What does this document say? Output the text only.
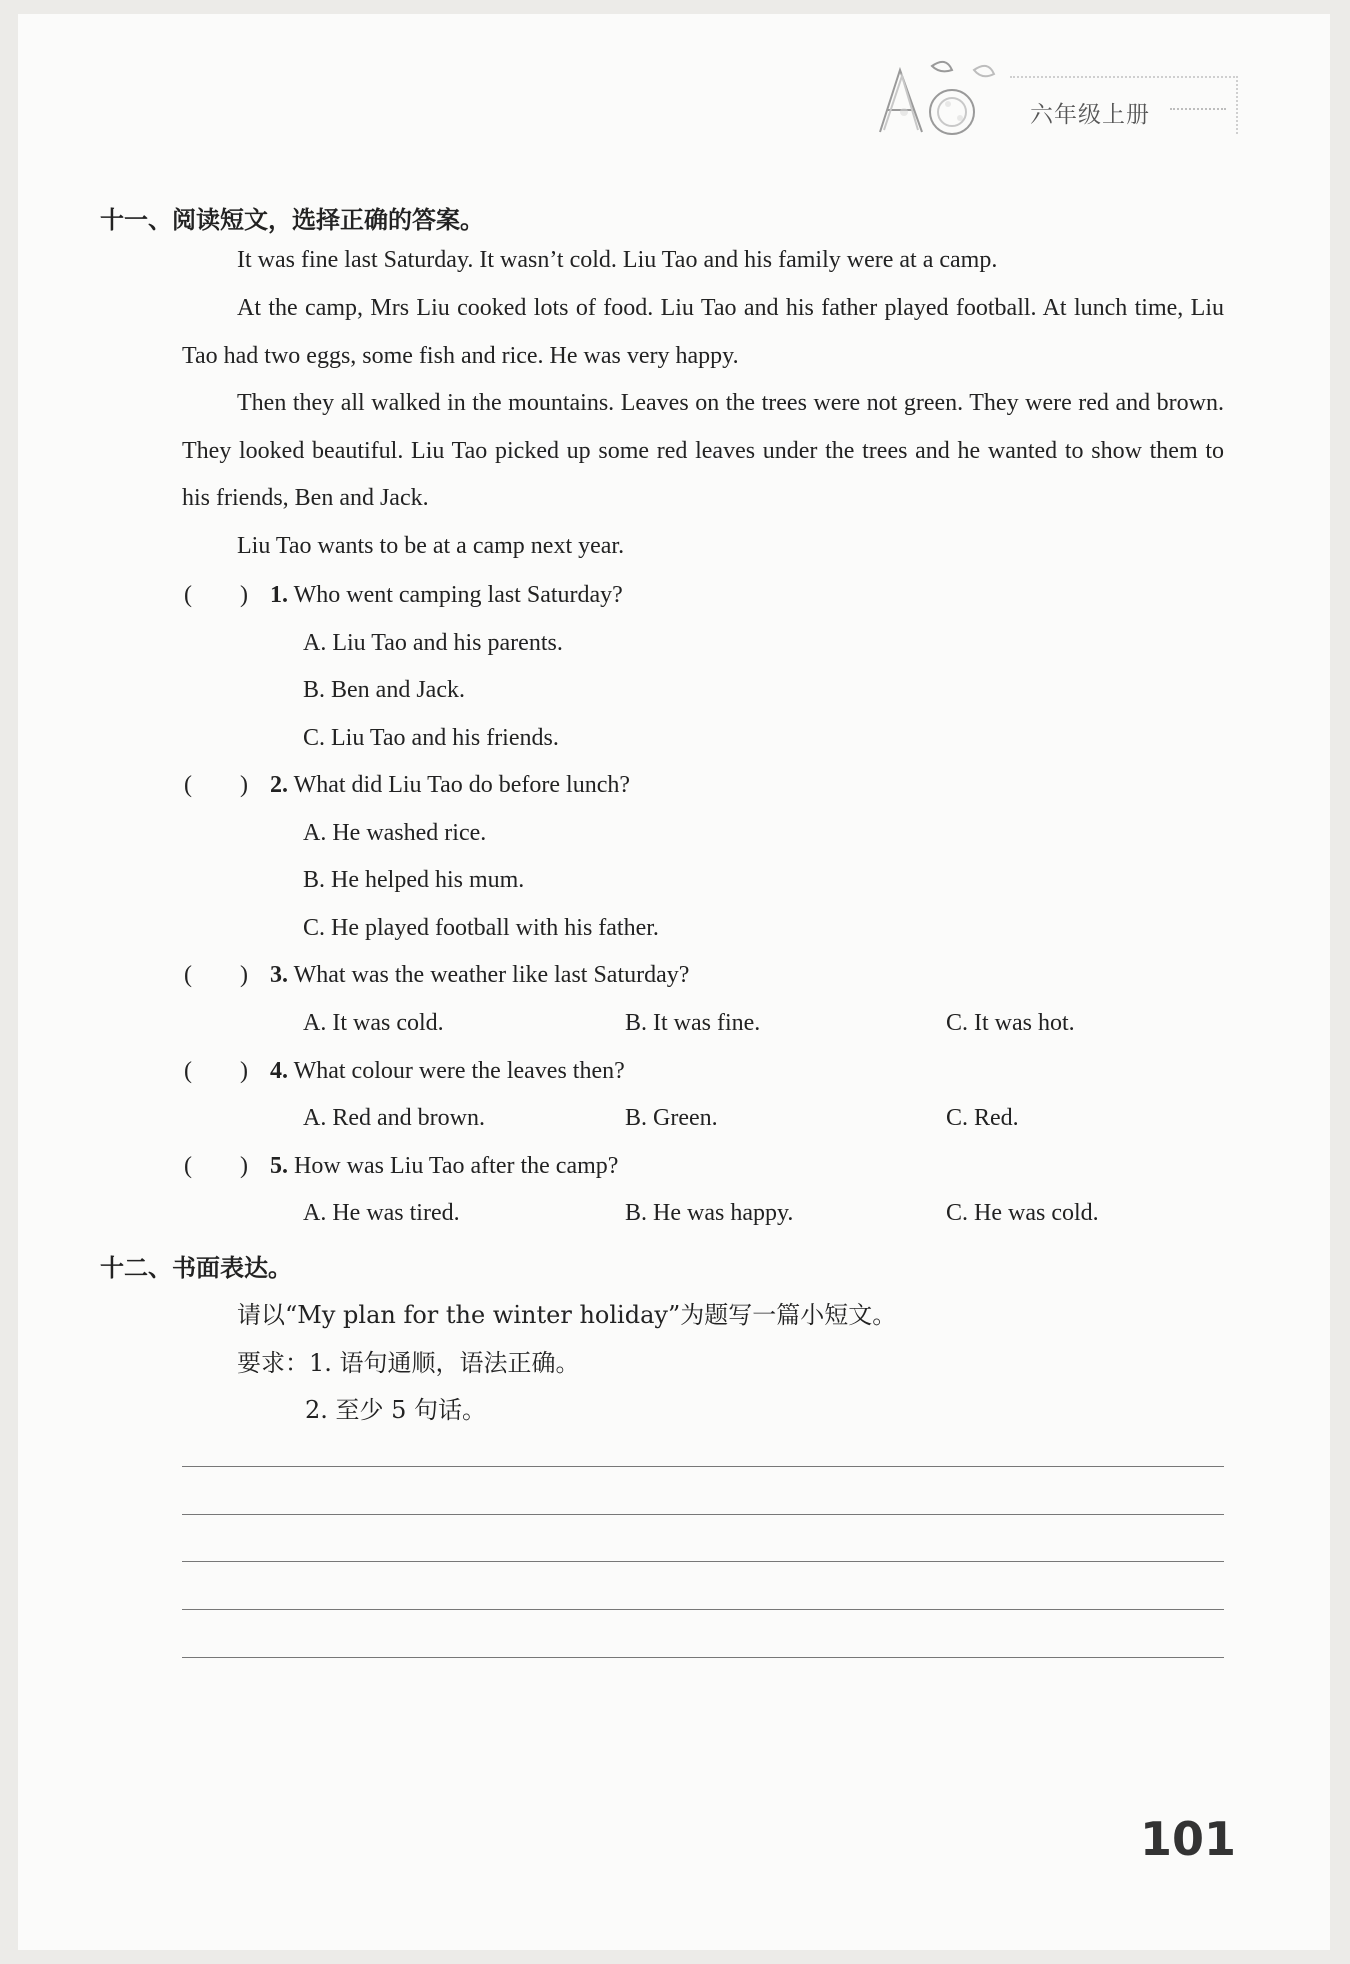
六年级上册
十一、阅读短文，选择正确的答案。
It was fine last Saturday. It wasn’t cold. Liu Tao and his family were at a camp.
At the camp, Mrs Liu cooked lots of food. Liu Tao and his father played football. At lunch time, Liu Tao had two eggs, some fish and rice. He was very happy.
Then they all walked in the mountains. Leaves on the trees were not green. They were red and brown. They looked beautiful. Liu Tao picked up some red leaves under the trees and he wanted to show them to his friends, Ben and Jack.
Liu Tao wants to be at a camp next year.
( ) 1. Who went camping last Saturday?
A. Liu Tao and his parents.
B. Ben and Jack.
C. Liu Tao and his friends.
( ) 2. What did Liu Tao do before lunch?
A. He washed rice.
B. He helped his mum.
C. He played football with his father.
( ) 3. What was the weather like last Saturday?
A. It was cold.	B. It was fine.	C. It was hot.
( ) 4. What colour were the leaves then?
A. Red and brown.	B. Green.	C. Red.
( ) 5. How was Liu Tao after the camp?
A. He was tired.	B. He was happy.	C. He was cold.
十二、书面表达。
请以“My plan for the winter holiday”为题写一篇小短文。
要求：1. 语句通顺，语法正确。
2. 至少 5 句话。
101
